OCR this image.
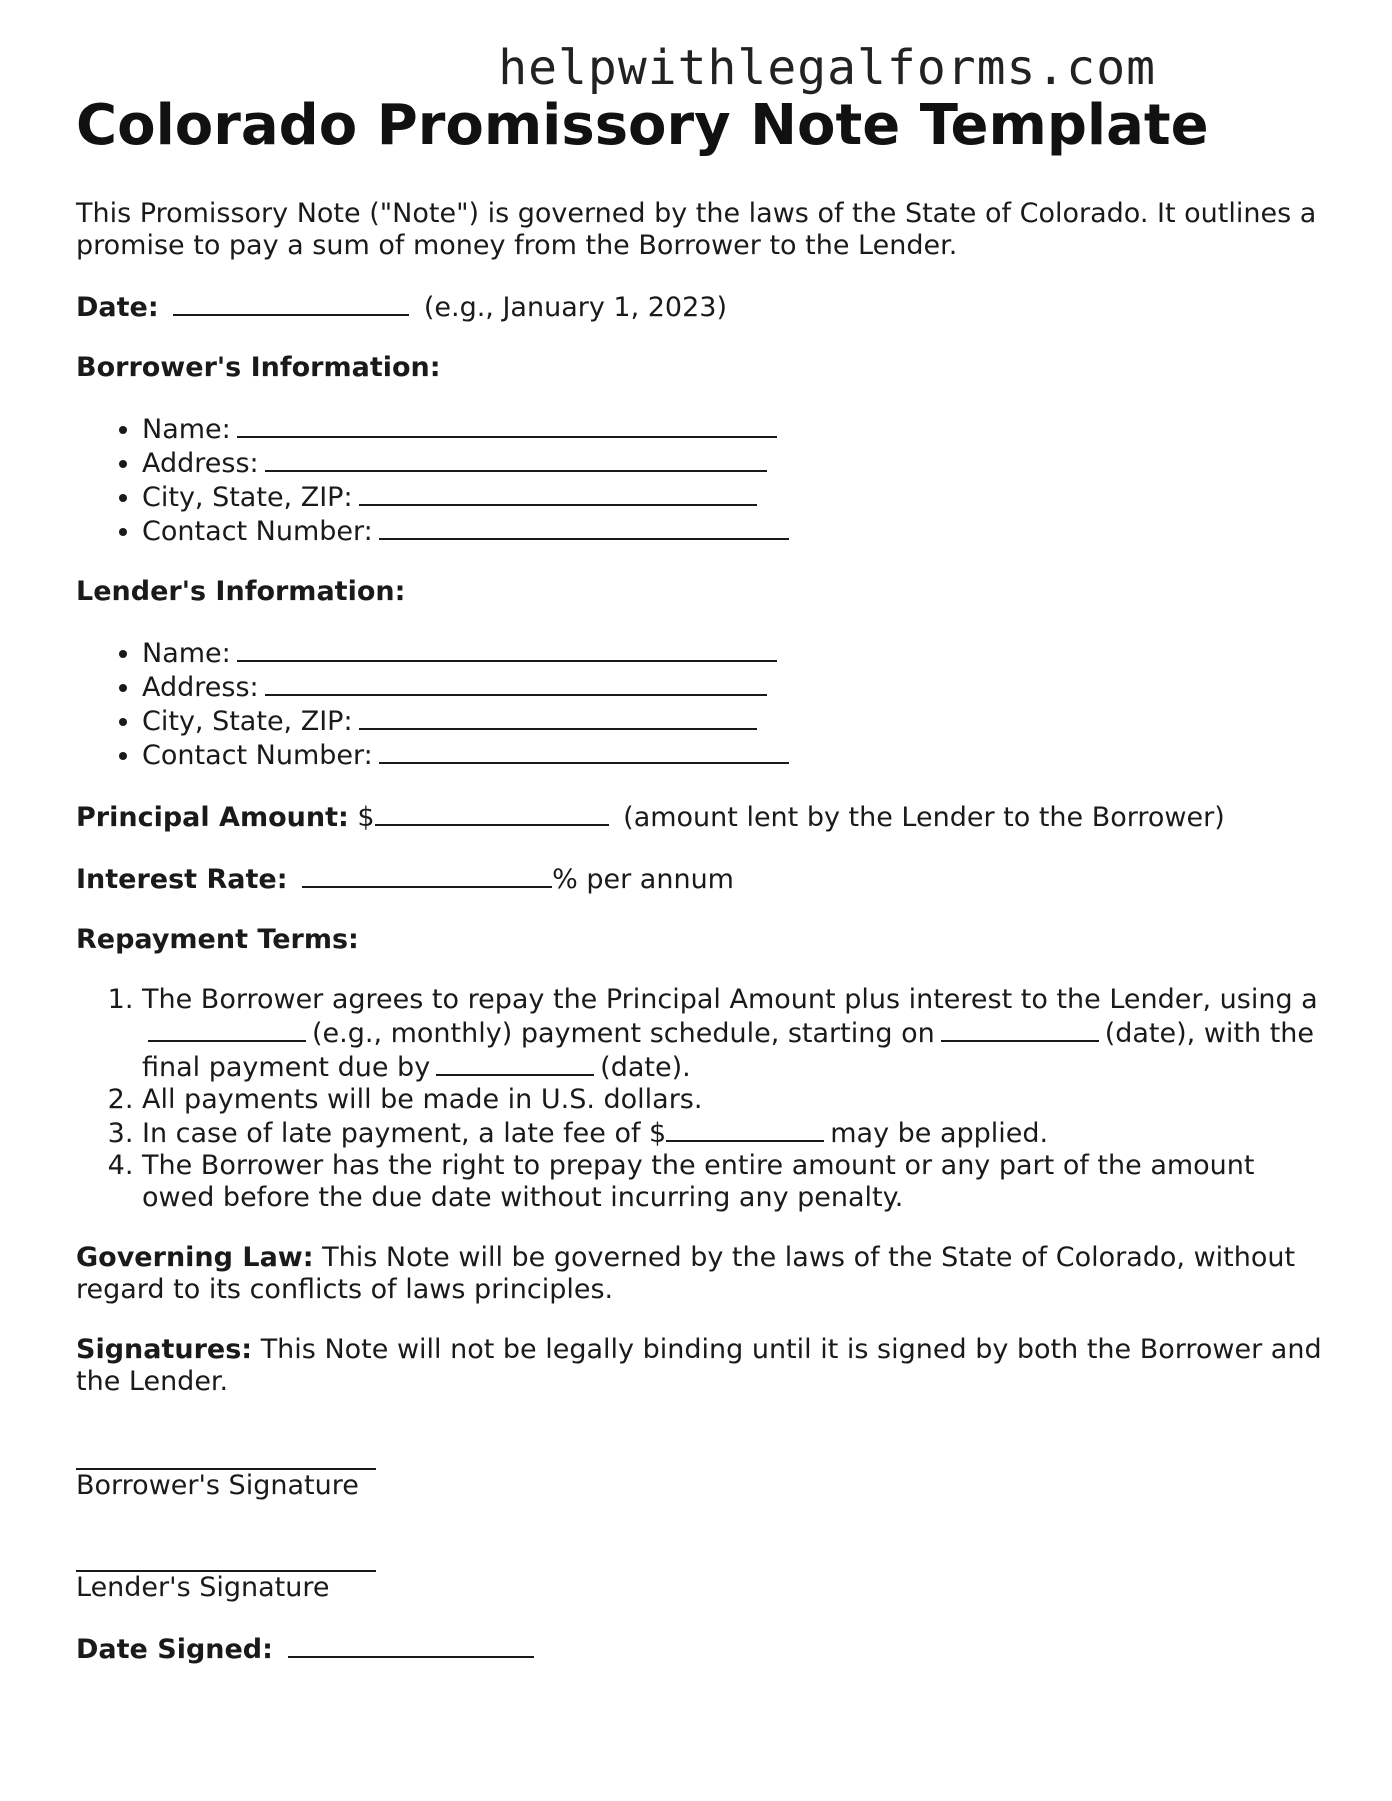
helpwithlegalforms.com
Colorado Promissory Note Template

This Promissory Note ("Note") is governed by the laws of the State of Colorado. It outlines a promise to pay a sum of money from the Borrower to the Lender.

Date:	(e.g., January 1, 2023)

Borrower's Information:

• Name:
• Address:
• City, State, ZIP:
• Contact Number:

Lender's Information:

• Name:
• Address:
• City, State, ZIP:
• Contact Number:

Principal Amount: $	(amount lent by the Lender to the Borrower)

Interest Rate:	% per annum

Repayment Terms:

1. The Borrower agrees to repay the Principal Amount plus interest to the Lender, using a(e.g., monthly) payment schedule, starting on	(date), with the final payment due by	(date).
2. All payments will be made in U.S. dollars.
3. In case of late payment, a late fee of $	may be applied.
4. The Borrower has the right to prepay the entire amount or any part of the amount owed before the due date without incurring any penalty.

Governing Law: This Note will be governed by the laws of the State of Colorado, without regard to its conflicts of laws principles.

Signatures: This Note will not be legally binding until it is signed by both the Borrower and the Lender.

Borrower's Signature
Lender's Signature

Date Signed:
